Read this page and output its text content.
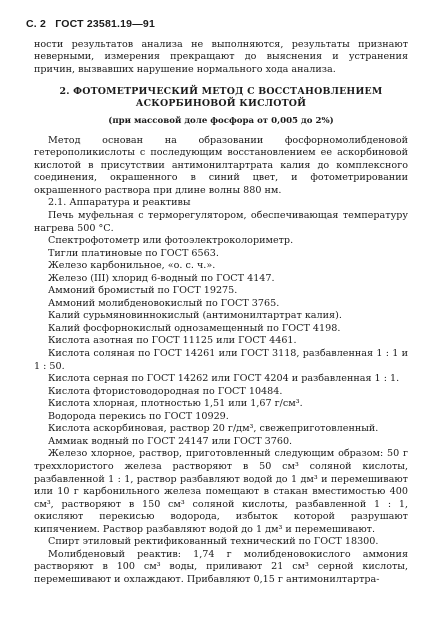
С. 2 ГОСТ 23581.19—91

ности результатов анализа не выполняются, результаты признают неверными, измерения прекращают до выяснения и устранения причин, вызвавших нарушение нормального хода анализа.

2. ФОТОМЕТРИЧЕСКИЙ МЕТОД С ВОССТАНОВЛЕНИЕМ АСКОРБИНОВОЙ КИСЛОТОЙ

(при массовой доле фосфора от 0,005 до 2%)

Метод основан на образовании фосфорномолибденовой гетерополикислоты с последующим восстановлением ее аскорбиновой кислотой в присутствии антимонилтартрата калия до комплексного соединения, окрашенного в синий цвет, и фотометрировании окрашенного раствора при длине волны 880 нм.

2.1. Аппаратура и реактивы

Печь муфельная с терморегулятором, обеспечивающая температуру нагрева 500 °С.

Спектрофотометр или фотоэлектроколориметр.

Тигли платиновые по ГОСТ 6563.

Железо карбонильное, «о. с. ч.».

Железо (III) хлорид 6-водный по ГОСТ 4147.

Аммоний бромистый по ГОСТ 19275.

Аммоний молибденовокислый по ГОСТ 3765.

Калий сурьмяновиннокислый (антимонилтартрат калия).

Калий фосфорнокислый однозамещенный по ГОСТ 4198.

Кислота азотная по ГОСТ 11125 или ГОСТ 4461.

Кислота соляная по ГОСТ 14261 или ГОСТ 3118, разбавленная 1 : 1 и 1 : 50.

Кислота серная по ГОСТ 14262 или ГОСТ 4204 и разбавленная 1 : 1.

Кислота фтористоводородная по ГОСТ 10484.

Кислота хлорная, плотностью 1,51 или 1,67 г/см³.

Водорода перекись по ГОСТ 10929.

Кислота аскорбиновая, раствор 20 г/дм³, свежеприготовленный.

Аммиак водный по ГОСТ 24147 или ГОСТ 3760.

Железо хлорное, раствор, приготовленный следующим образом: 50 г треххлористого железа растворяют в 50 см³ соляной кислоты, разбавленной 1 : 1, раствор разбавляют водой до 1 дм³ и перемешивают или 10 г карбонильного железа помещают в стакан вместимостью 400 см³, растворяют в 150 см³ соляной кислоты, разбавленной 1 : 1, окисляют перекисью водорода, избыток которой разрушают кипячением. Раствор разбавляют водой до 1 дм³ и перемешивают.

Спирт этиловый ректификованный технический по ГОСТ 18300.

Молибденовый реактив: 1,74 г молибденовокислого аммония растворяют в 100 см³ воды, приливают 21 см³ серной кислоты, перемешивают и охлаждают. Прибавляют 0,15 г антимонилтартра-
